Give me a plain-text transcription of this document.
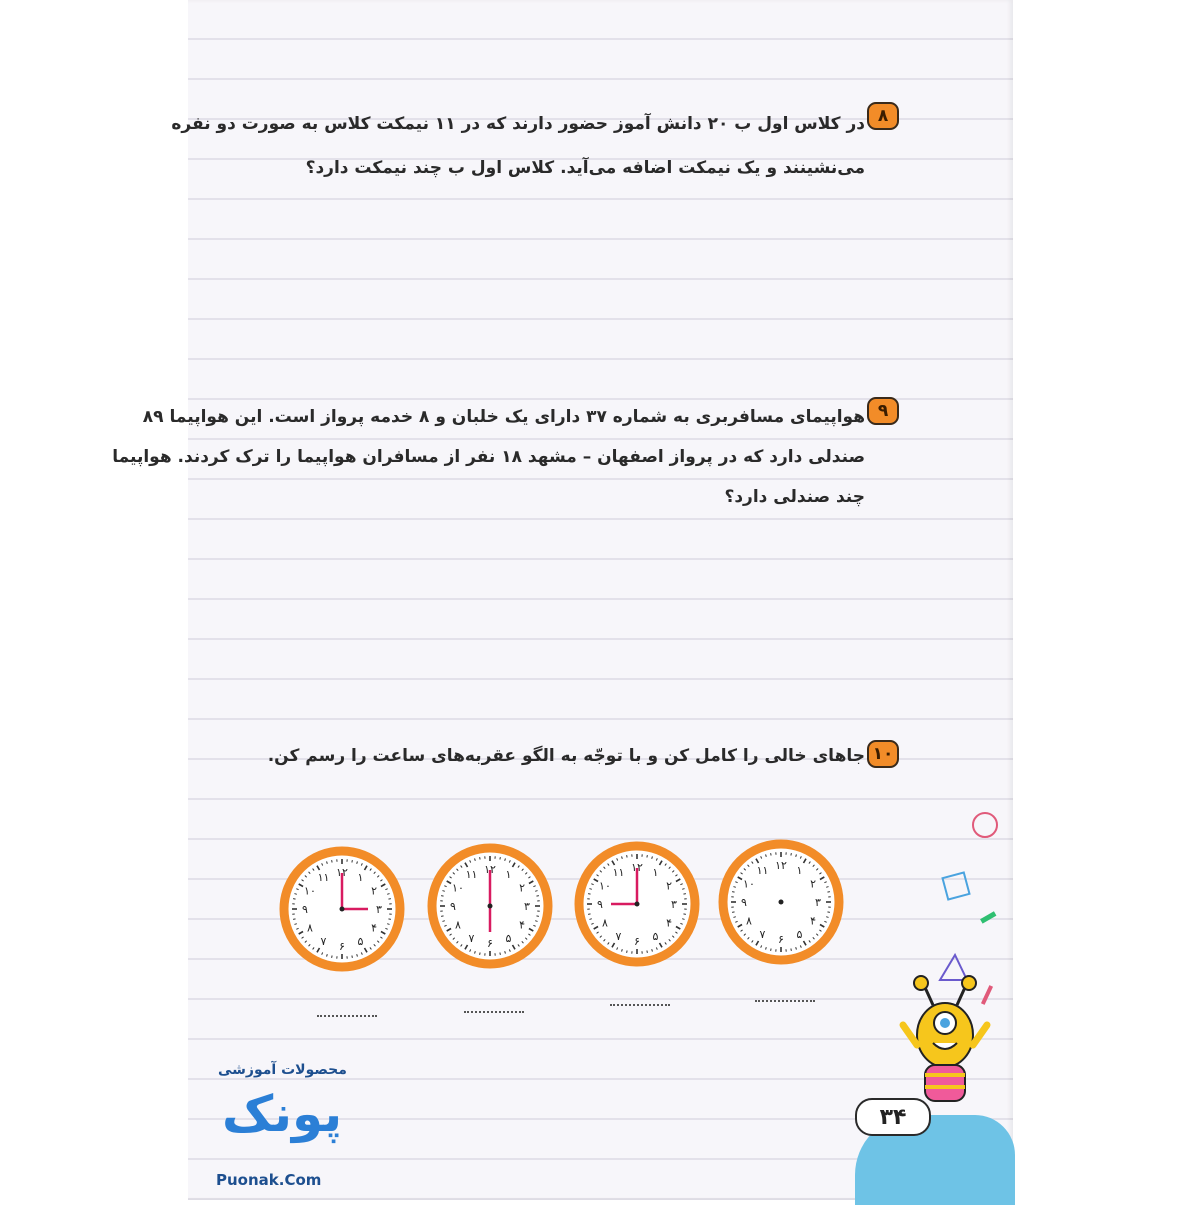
۸

در کلاس اول ب ۲۰ دانش آموز حضور دارند که در ۱۱ نیمکت کلاس به صورت دو نفره
می‌نشینند و یک نیمکت اضافه می‌آید. کلاس اول ب چند نیمکت دارد؟

۹

هواپیمای مسافربری به شماره ۳۷ دارای یک خلبان و ۸ خدمه پرواز است. این هواپیما ۸۹
صندلی دارد که در پرواز اصفهان – مشهد ۱۸ نفر از مسافران هواپیما را ترک کردند. هواپیما
چند صندلی دارد؟

۱۰

جاهای خالی را کامل کن و با توجّه به الگو عقربه‌های ساعت را رسم کن.

۱۲ ۱
۲
۳
۴
۵
۶
۷
۸
۹
۱۰
۱۱
۱۲ ۱
۲
۳
۴
۵
۶
۷
۸
۹
۱۰
۱۱
۱۲ ۱
۲
۳
۴
۵
۶
۷
۸
۹
۱۰
۱۱
۱۲ ۱
۲
۳
۴
۵
۶
۷
۸
۹
۱۰
۱۱
۳۴
محصولات آموزشی
پونک
Puonak.Com
